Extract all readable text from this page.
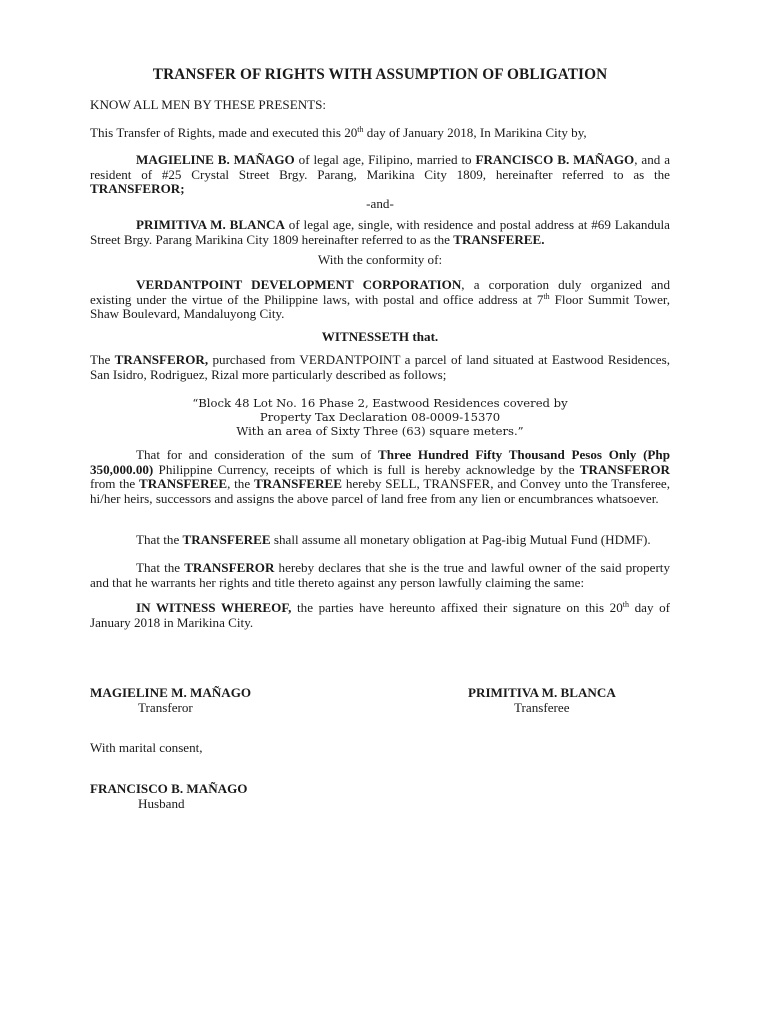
TRANSFER OF RIGHTS WITH ASSUMPTION OF OBLIGATION
KNOW ALL MEN BY THESE PRESENTS:
This Transfer of Rights, made and executed this 20th day of January 2018, In Marikina City by,
MAGIELINE B. MAÑAGO of legal age, Filipino, married to FRANCISCO B. MAÑAGO, and a resident of #25 Crystal Street Brgy. Parang, Marikina City 1809, hereinafter referred to as the TRANSFEROR;
-and-
PRIMITIVA M. BLANCA of legal age, single, with residence and postal address at #69 Lakandula Street Brgy. Parang Marikina City 1809 hereinafter referred to as the TRANSFEREE.
With the conformity of:
VERDANTPOINT DEVELOPMENT CORPORATION, a corporation duly organized and existing under the virtue of the Philippine laws, with postal and office address at 7th Floor Summit Tower, Shaw Boulevard, Mandaluyong City.
WITNESSETH that.
The TRANSFEROR, purchased from VERDANTPOINT a parcel of land situated at Eastwood Residences, San Isidro, Rodriguez, Rizal more particularly described as follows;
“Block 48 Lot No. 16 Phase 2, Eastwood Residences covered by
Property Tax Declaration 08-0009-15370
With an area of Sixty Three (63) square meters.”
That for and consideration of the sum of Three Hundred Fifty Thousand Pesos Only (Php 350,000.00) Philippine Currency, receipts of which is full is hereby acknowledge by the TRANSFEROR from the TRANSFEREE, the TRANSFEREE hereby SELL, TRANSFER, and Convey unto the Transferee, hi/her heirs, successors and assigns the above parcel of land free from any lien or encumbrances whatsoever.
That the TRANSFEREE shall assume all monetary obligation at Pag-ibig Mutual Fund (HDMF).
That the TRANSFEROR hereby declares that she is the true and lawful owner of the said property and that he warrants her rights and title thereto against any person lawfully claiming the same:
IN WITNESS WHEREOF, the parties have hereunto affixed their signature on this 20th day of January 2018 in Marikina City.
MAGIELINE M. MAÑAGO
Transferor
PRIMITIVA M. BLANCA
Transferee
With marital consent,
FRANCISCO B. MAÑAGO
Husband
